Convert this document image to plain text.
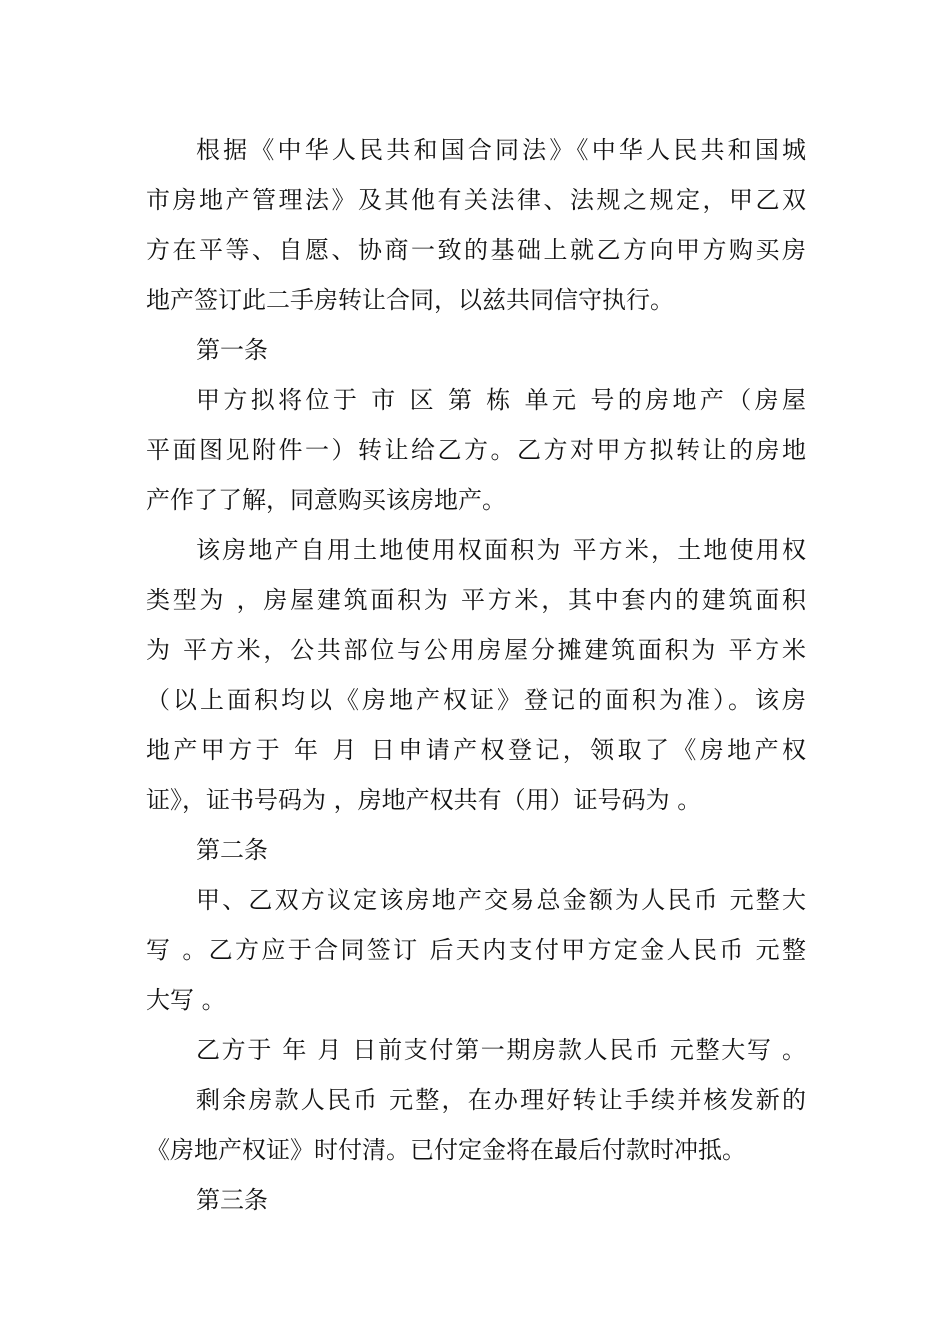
根据《中华人民共和国合同法》《中华人民共和国城
市房地产管理法》及其他有关法律、法规之规定，甲乙双
方在平等、自愿、协商一致的基础上就乙方向甲方购买房
地产签订此二手房转让合同，以兹共同信守执行。
第一条
甲方拟将位于 市 区 第 栋 单元 号的房地产（房屋
平面图见附件一）转让给乙方。乙方对甲方拟转让的房地
产作了了解，同意购买该房地产。
该房地产自用土地使用权面积为 平方米，土地使用权
类型为 ，房屋建筑面积为 平方米，其中套内的建筑面积
为 平方米，公共部位与公用房屋分摊建筑面积为 平方米
（以上面积均以《房地产权证》登记的面积为准）。该房
地产甲方于 年 月 日申请产权登记，领取了《房地产权
证》，证书号码为 ，房地产权共有（用）证号码为 。
第二条
甲、乙双方议定该房地产交易总金额为人民币 元整大
写 。乙方应于合同签订 后天内支付甲方定金人民币 元整
大写 。
乙方于 年 月 日前支付第一期房款人民币 元整大写 。
剩余房款人民币 元整，在办理好转让手续并核发新的
《房地产权证》时付清。已付定金将在最后付款时冲抵。
第三条
